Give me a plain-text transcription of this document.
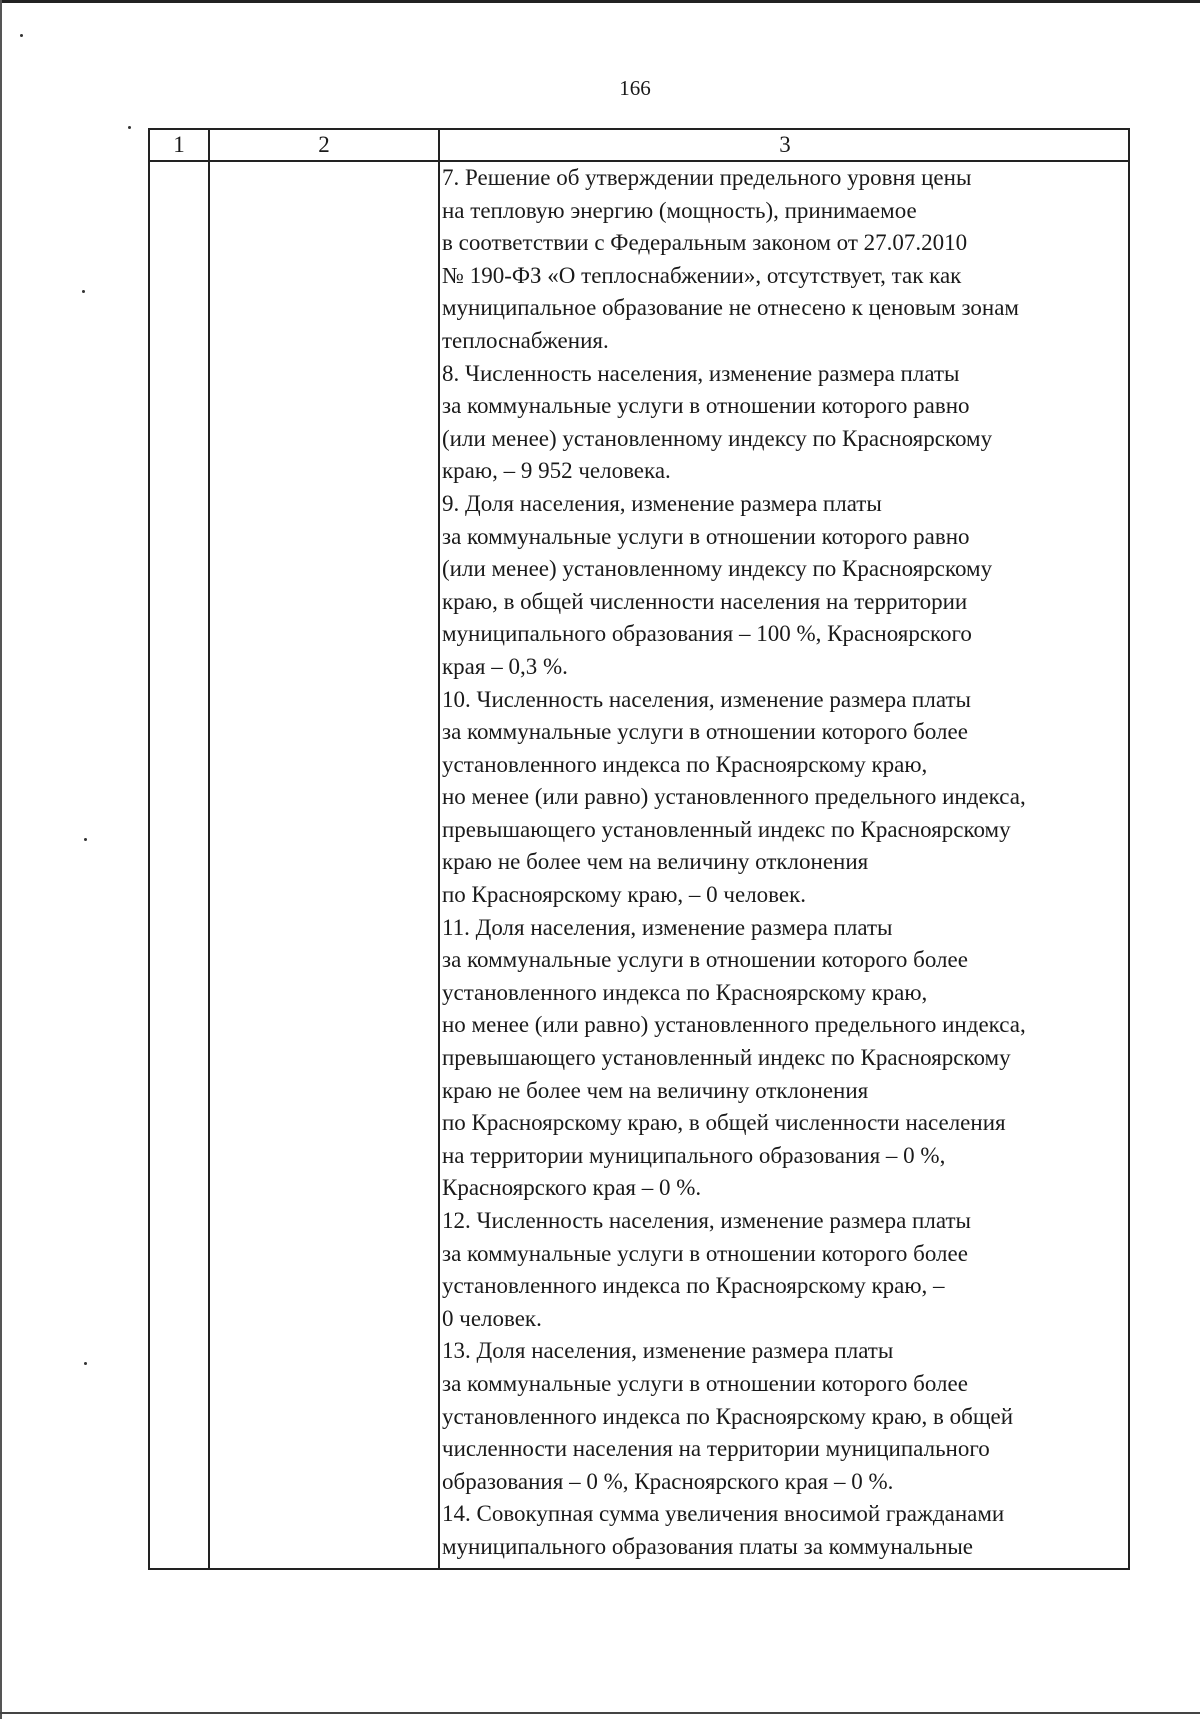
166
1	2	3
7. Решение об утверждении предельного уровня цены
на тепловую энергию (мощность), принимаемое
в соответствии с Федеральным законом от 27.07.2010
№ 190-ФЗ «О теплоснабжении», отсутствует, так как
муниципальное образование не отнесено к ценовым зонам
теплоснабжения.
8. Численность населения, изменение размера платы
за коммунальные услуги в отношении которого равно
(или менее) установленному индексу по Красноярскому
краю, – 9 952 человека.
9. Доля населения, изменение размера платы
за коммунальные услуги в отношении которого равно
(или менее) установленному индексу по Красноярскому
краю, в общей численности населения на территории
муниципального образования – 100 %, Красноярского
края – 0,3 %.
10. Численность населения, изменение размера платы
за коммунальные услуги в отношении которого более
установленного индекса по Красноярскому краю,
но менее (или равно) установленного предельного индекса,
превышающего установленный индекс по Красноярскому
краю не более чем на величину отклонения
по Красноярскому краю, – 0 человек.
11. Доля населения, изменение размера платы
за коммунальные услуги в отношении которого более
установленного индекса по Красноярскому краю,
но менее (или равно) установленного предельного индекса,
превышающего установленный индекс по Красноярскому
краю не более чем на величину отклонения
по Красноярскому краю, в общей численности населения
на территории муниципального образования – 0 %,
Красноярского края – 0 %.
12. Численность населения, изменение размера платы
за коммунальные услуги в отношении которого более
установленного индекса по Красноярскому краю, –
0 человек.
13. Доля населения, изменение размера платы
за коммунальные услуги в отношении которого более
установленного индекса по Красноярскому краю, в общей
численности населения на территории муниципального
образования – 0 %, Красноярского края – 0 %.
14. Совокупная сумма увеличения вносимой гражданами
муниципального образования платы за коммунальные
